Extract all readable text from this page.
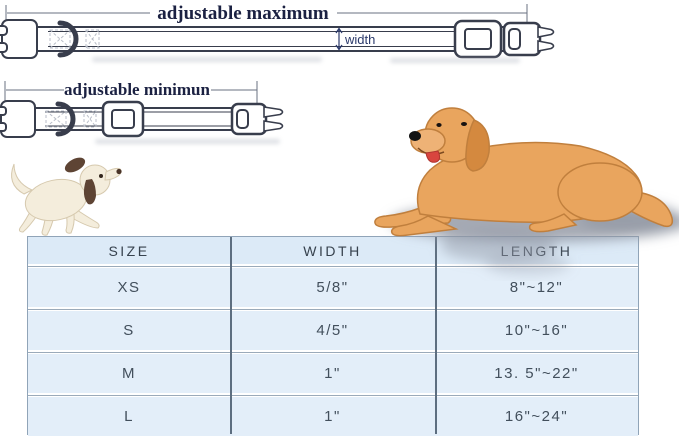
adjustable maximum
width
adjustable minimun
SIZE	WIDTH	LENGTH
XS	5/8"	8"~12"
S	4/5"	10"~16"
M	1"	13. 5"~22"
L	1"	16"~24"
